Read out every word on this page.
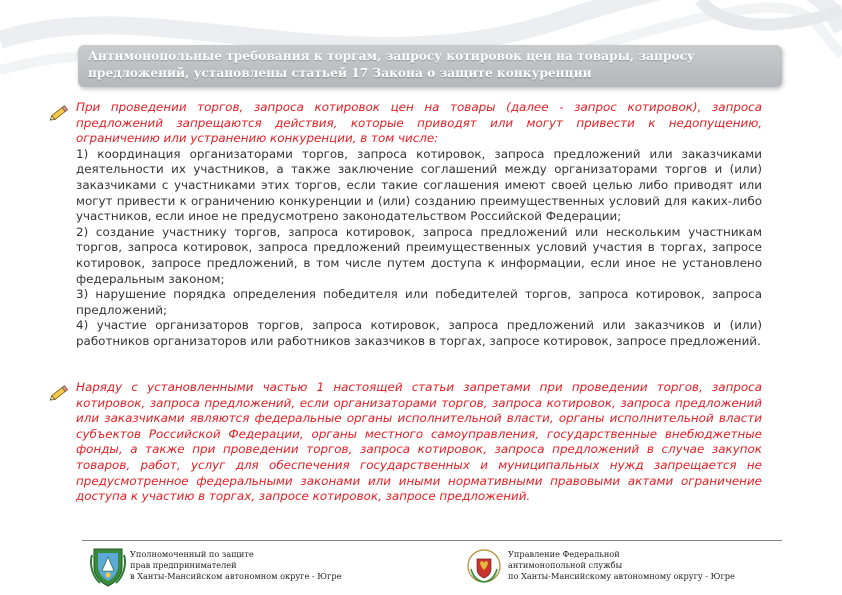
Антимонопольные требования к торгам, запросу котировок цен на товары, запросу предложений, установлены статьей 17 Закона о защите конкуренции

При проведении торгов, запроса котировок цен на товары (далее - запрос котировок), запроса предложений запрещаются действия, которые приводят или могут привести к недопущению, ограничению или устранению конкуренции, в том числе:

1) координация организаторами торгов, запроса котировок, запроса предложений или заказчиками деятельности их участников, а также заключение соглашений между организаторами торгов и (или) заказчиками с участниками этих торгов, если такие соглашения имеют своей целью либо приводят или могут привести к ограничению конкуренции и (или) созданию преимущественных условий для каких-либо участников, если иное не предусмотрено законодательством Российской Федерации;

2) создание участнику торгов, запроса котировок, запроса предложений или нескольким участникам торгов, запроса котировок, запроса предложений преимущественных условий участия в торгах, запросе котировок, запросе предложений, в том числе путем доступа к информации, если иное не установлено федеральным законом;

3) нарушение порядка определения победителя или победителей торгов, запроса котировок, запроса предложений;

4) участие организаторов торгов, запроса котировок, запроса предложений или заказчиков и (или) работников организаторов или работников заказчиков в торгах, запросе котировок, запросе предложений.

Наряду с установленными частью 1 настоящей статьи запретами при проведении торгов, запроса котировок, запроса предложений, если организаторами торгов, запроса котировок, запроса предложений или заказчиками являются федеральные органы исполнительной власти, органы исполнительной власти субъектов Российской Федерации, органы местного самоуправления, государственные внебюджетные фонды, а также при проведении торгов, запроса котировок, запроса предложений в случае закупок товаров, работ, услуг для обеспечения государственных и муниципальных нужд запрещается не предусмотренное федеральными законами или иными нормативными правовыми актами ограничение доступа к участию в торгах, запросе котировок, запросе предложений.

Уполномоченный по защите
прав предпринимателей
в Ханты-Мансийском автономном округе - Югре
Управление Федеральной
антимонопольной службы
по Ханты-Мансийскому автономному округу - Югре
